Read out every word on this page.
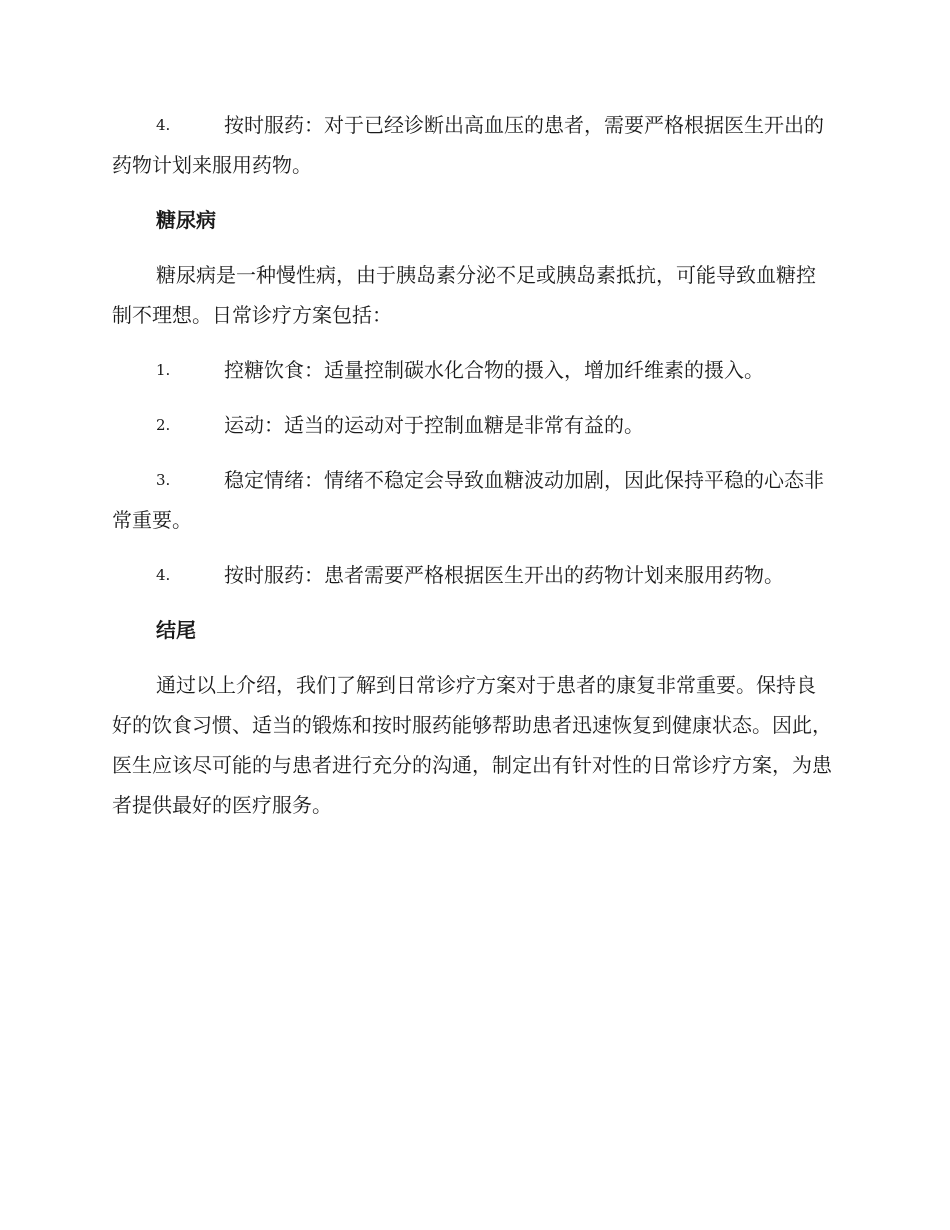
4.	按时服药：对于已经诊断出高血压的患者，需要严格根据医生开出的药物计划来服用药物。

糖尿病

糖尿病是一种慢性病，由于胰岛素分泌不足或胰岛素抵抗，可能导致血糖控制不理想。日常诊疗方案包括：

1.	控糖饮食：适量控制碳水化合物的摄入，增加纤维素的摄入。

2.	运动：适当的运动对于控制血糖是非常有益的。

3.	稳定情绪：情绪不稳定会导致血糖波动加剧，因此保持平稳的心态非常重要。

4.	按时服药：患者需要严格根据医生开出的药物计划来服用药物。

结尾

通过以上介绍，我们了解到日常诊疗方案对于患者的康复非常重要。保持良好的饮食习惯、适当的锻炼和按时服药能够帮助患者迅速恢复到健康状态。因此，医生应该尽可能的与患者进行充分的沟通，制定出有针对性的日常诊疗方案，为患者提供最好的医疗服务。
